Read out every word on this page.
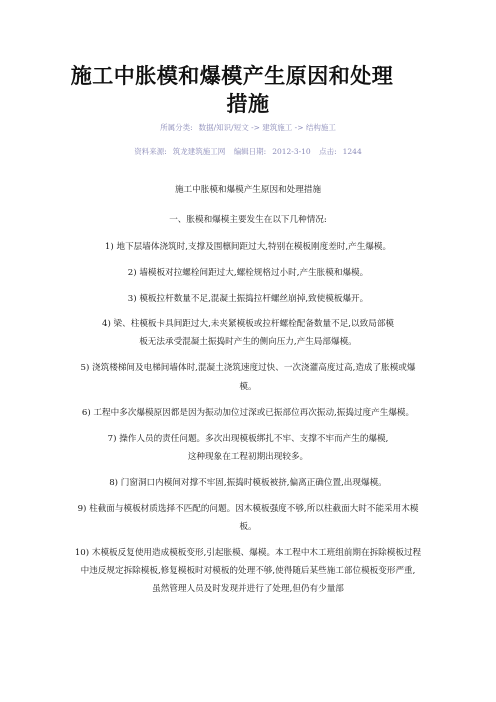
施工中胀模和爆模产生原因和处理
措施
所属分类: 数据/知识/短文 -> 建筑施工 -> 结构施工
资料来源: 筑龙建筑施工网 编辑日期: 2012-3-10 点击: 1244
施工中胀模和爆模产生原因和处理措施
一、胀模和爆模主要发生在以下几种情况:
1) 地下层墙体浇筑时,支撑及围檩间距过大,特别在模板刚度差时,产生爆模。
2) 墙模板对拉螺栓间距过大,螺栓规格过小时,产生胀模和爆模。
3) 模板拉杆数量不足,混凝土振捣拉杆螺丝崩掉,致使模板爆开。
4) 梁、柱模板卡具间距过大,未夹紧模板或拉杆螺栓配备数量不足,以致局部模
板无法承受混凝土振捣时产生的侧向压力,产生局部爆模。
5) 浇筑楼梯间及电梯间墙体时,混凝土浇筑速度过快、一次浇灌高度过高,造成了胀模或爆
模。
6) 工程中多次爆模原因都是因为振动加位过深或已振部位再次振动,振捣过度产生爆模。
7) 操作人员的责任问题。多次出现模板绑扎不牢、支撑不牢而产生的爆模,
这种现象在工程初期出现较多。
8) 门窗洞口内模间对撑不牢固,振捣时模板被挤,偏离正确位置,出现爆模。
9) 柱截面与模板材质选择不匹配的问题。因木模板强度不够,所以柱截面大时不能采用木模
板。
10) 木模板反复使用造成模板变形,引起胀模、爆模。本工程中木工班组前期在拆除模板过程
中违反规定拆除模板,修复模板时对模板的处理不够,使得随后某些施工部位模板变形严重,
虽然管理人员及时发现并进行了处理,但仍有少量部
